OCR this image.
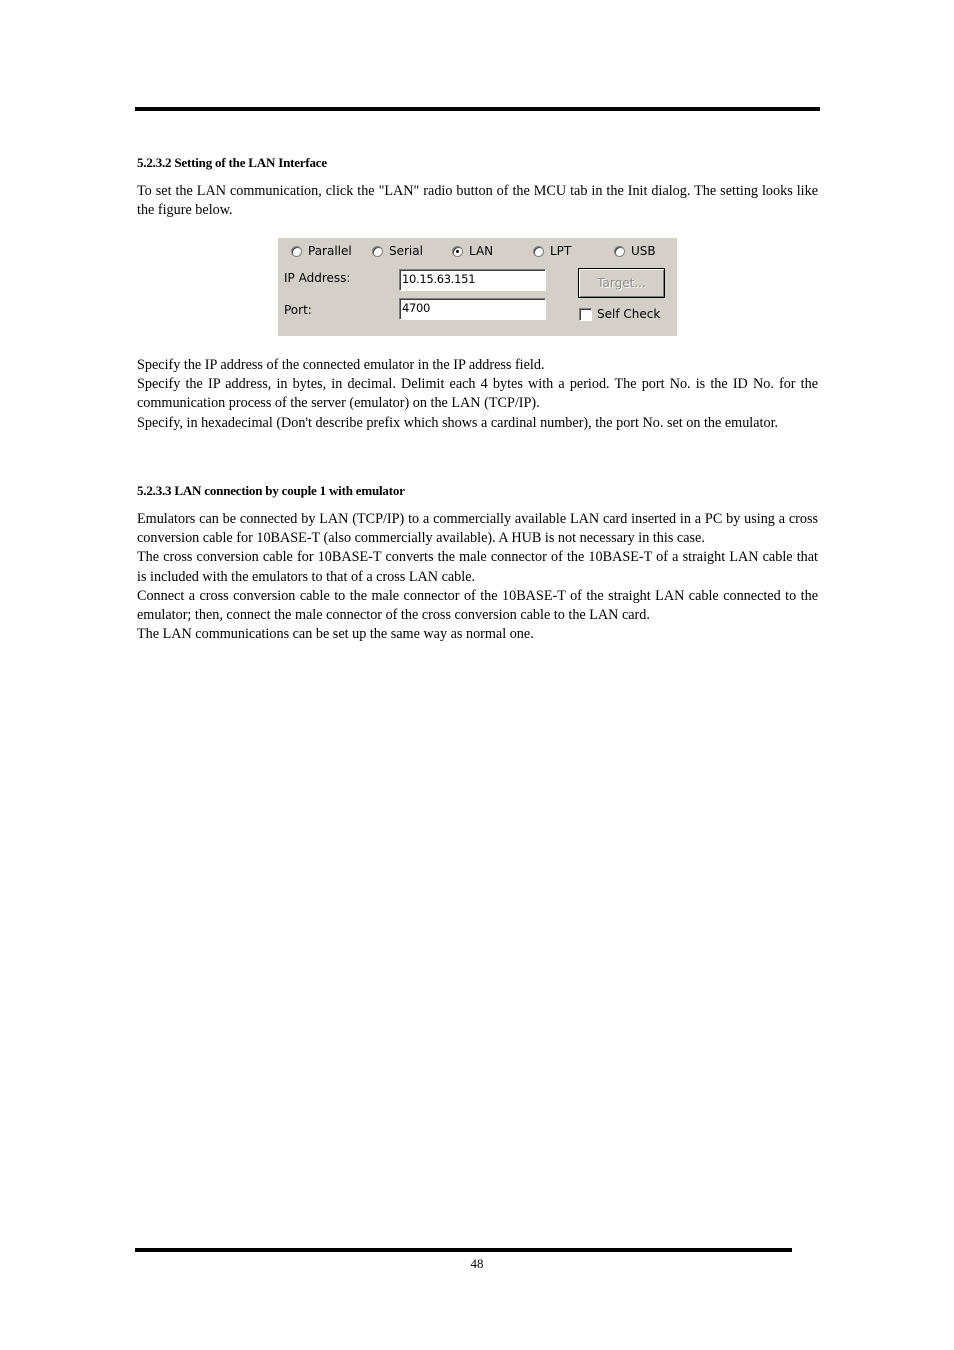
5.2.3.2 Setting of the LAN Interface

To set the LAN communication, click the "LAN" radio button of the MCU tab in the Init dialog. The setting looks like the figure below.

Parallel	Serial	LAN	LPT	USB
IP Address:	10.15.63.151
Port:	4700
Target...
Self Check

Specify the IP address of the connected emulator in the IP address field.

Specify the IP address, in bytes, in decimal. Delimit each 4 bytes with a period. The port No. is the ID No. for the communication process of the server (emulator) on the LAN (TCP/IP).

Specify, in hexadecimal (Don't describe prefix which shows a cardinal number), the port No. set on the emulator.

5.2.3.3 LAN connection by couple 1 with emulator

Emulators can be connected by LAN (TCP/IP) to a commercially available LAN card inserted in a PC by using a cross conversion cable for 10BASE-T (also commercially available). A HUB is not necessary in this case.

The cross conversion cable for 10BASE-T converts the male connector of the 10BASE-T of a straight LAN cable that is included with the emulators to that of a cross LAN cable.

Connect a cross conversion cable to the male connector of the 10BASE-T of the straight LAN cable connected to the emulator; then, connect the male connector of the cross conversion cable to the LAN card.

The LAN communications can be set up the same way as normal one.

48
